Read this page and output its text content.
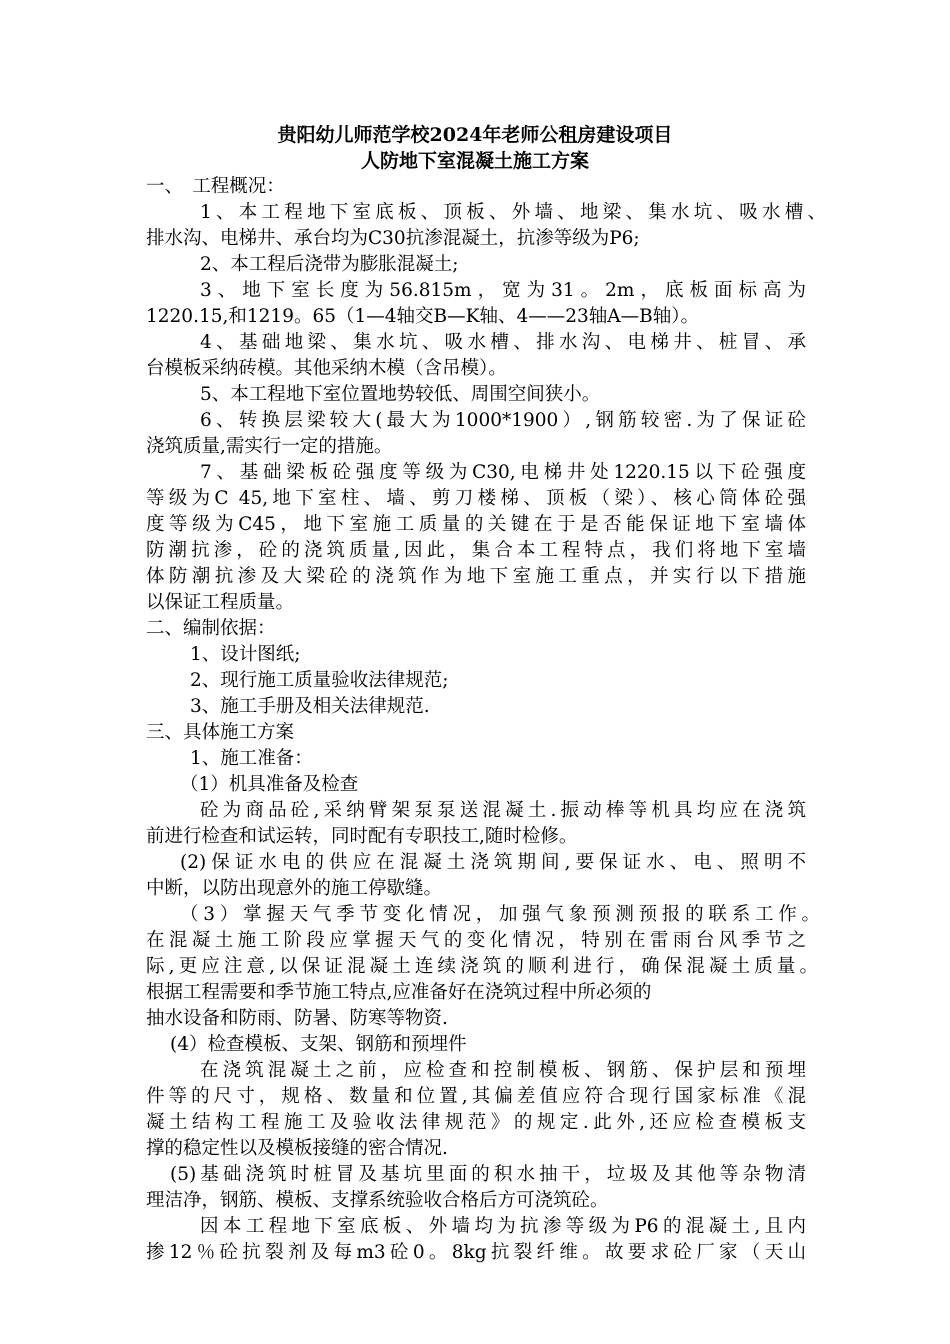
贵阳幼儿师范学校2024年老师公租房建设项目
人防地下室混凝土施工方案
一、　工程概况：
1、本工程地下室底板、顶板、外墙、地梁、集水坑、吸水槽、
排水沟、电梯井、承台均为C30抗渗混凝土，抗渗等级为P6;
2、本工程后浇带为膨胀混凝土;
3、地下室长度为56.815m，宽为31。2m，底板面标高为
1220.15,和1219。65（1—4轴交B—K轴、4——23轴A—B轴）。
4、基础地梁、集水坑、吸水槽、排水沟、电梯井、桩冒、承
台模板采纳砖模。其他采纳木模（含吊模）。
5、本工程地下室位置地势较低、周围空间狭小。
6、转换层梁较大(最大为1000*1900）,钢筋较密.为了保证砼
浇筑质量,需实行一定的措施。
7、基础梁板砼强度等级为C30,电梯井处1220.15以下砼强度
等级为C 45,地下室柱、墙、剪刀楼梯、顶板（梁）、核心筒体砼强
度等级为C45，地下室施工质量的关键在于是否能保证地下室墙体
防潮抗渗，砼的浇筑质量,因此，集合本工程特点，我们将地下室墙
体防潮抗渗及大梁砼的浇筑作为地下室施工重点，并实行以下措施
以保证工程质量。
二、编制依据：
1、设计图纸;
2、现行施工质量验收法律规范;
3、施工手册及相关法律规范.
三、具体施工方案
1、施工准备：
（1）机具准备及检查
砼为商品砼,采纳臂架泵泵送混凝土.振动棒等机具均应在浇筑
前进行检查和试运转，同时配有专职技工,随时检修。
(2)保证水电的供应在混凝土浇筑期间,要保证水、电、照明不
中断，以防出现意外的施工停歇缝。
（3）掌握天气季节变化情况，加强气象预测预报的联系工作。
在混凝土施工阶段应掌握天气的变化情况，特别在雷雨台风季节之
际,更应注意,以保证混凝土连续浇筑的顺利进行，确保混凝土质量。
根据工程需要和季节施工特点,应准备好在浇筑过程中所必须的
抽水设备和防雨、防暑、防寒等物资.
(4）检查模板、支架、钢筋和预埋件
在浇筑混凝土之前，应检查和控制模板、钢筋、保护层和预埋
件等的尺寸，规格、数量和位置,其偏差值应符合现行国家标准《混
凝土结构工程施工及验收法律规范》的规定.此外,还应检查模板支
撑的稳定性以及模板接缝的密合情况.
(5)基础浇筑时桩冒及基坑里面的积水抽干，垃圾及其他等杂物清
理洁净，钢筋、模板、支撑系统验收合格后方可浇筑砼。
因本工程地下室底板、外墙均为抗渗等级为P6的混凝土,且内
掺12％砼抗裂剂及每m3砼0。8kg抗裂纤维。故要求砼厂家（天山
